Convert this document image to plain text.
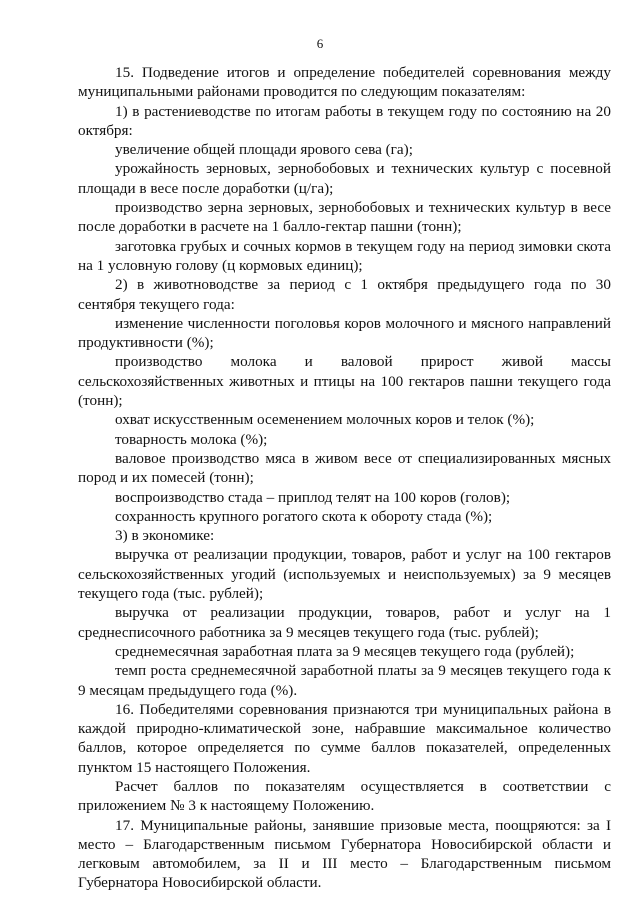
6

15. Подведение итогов и определение победителей соревнования между муниципальными районами проводится по следующим показателям:

1) в растениеводстве по итогам работы в текущем году по состоянию на 20 октября:

увеличение общей площади ярового сева (га);

урожайность зерновых, зернобобовых и технических культур с посевной площади в весе после доработки (ц/га);

производство зерна зерновых, зернобобовых и технических культур в весе после доработки в расчете на 1 балло-гектар пашни (тонн);

заготовка грубых и сочных кормов в текущем году на период зимовки скота на 1 условную голову (ц кормовых единиц);

2) в животноводстве за период с 1 октября предыдущего года по 30 сентября текущего года:

изменение численности поголовья коров молочного и мясного направлений продуктивности (%);

производство молока и валовой прирост живой массы сельскохозяйственных животных и птицы на 100 гектаров пашни текущего года (тонн);

охват искусственным осеменением молочных коров и телок (%);

товарность молока (%);

валовое производство мяса в живом весе от специализированных мясных пород и их помесей (тонн);

воспроизводство стада – приплод телят на 100 коров (голов);

сохранность крупного рогатого скота к обороту стада (%);

3) в экономике:

выручка от реализации продукции, товаров, работ и услуг на 100 гектаров сельскохозяйственных угодий (используемых и неиспользуемых) за 9 месяцев текущего года (тыс. рублей);

выручка от реализации продукции, товаров, работ и услуг на 1 среднесписочного работника за 9 месяцев текущего года (тыс. рублей);

среднемесячная заработная плата за 9 месяцев текущего года (рублей);

темп роста среднемесячной заработной платы за 9 месяцев текущего года к 9 месяцам предыдущего года (%).

16. Победителями соревнования признаются три муниципальных района в каждой природно-климатической зоне, набравшие максимальное количество баллов, которое определяется по сумме баллов показателей, определенных пунктом 15 настоящего Положения.

Расчет баллов по показателям осуществляется в соответствии с приложением № 3 к настоящему Положению.

17. Муниципальные районы, занявшие призовые места, поощряются: за I место – Благодарственным письмом Губернатора Новосибирской области и легковым автомобилем, за II и III место – Благодарственным письмом Губернатора Новосибирской области.
